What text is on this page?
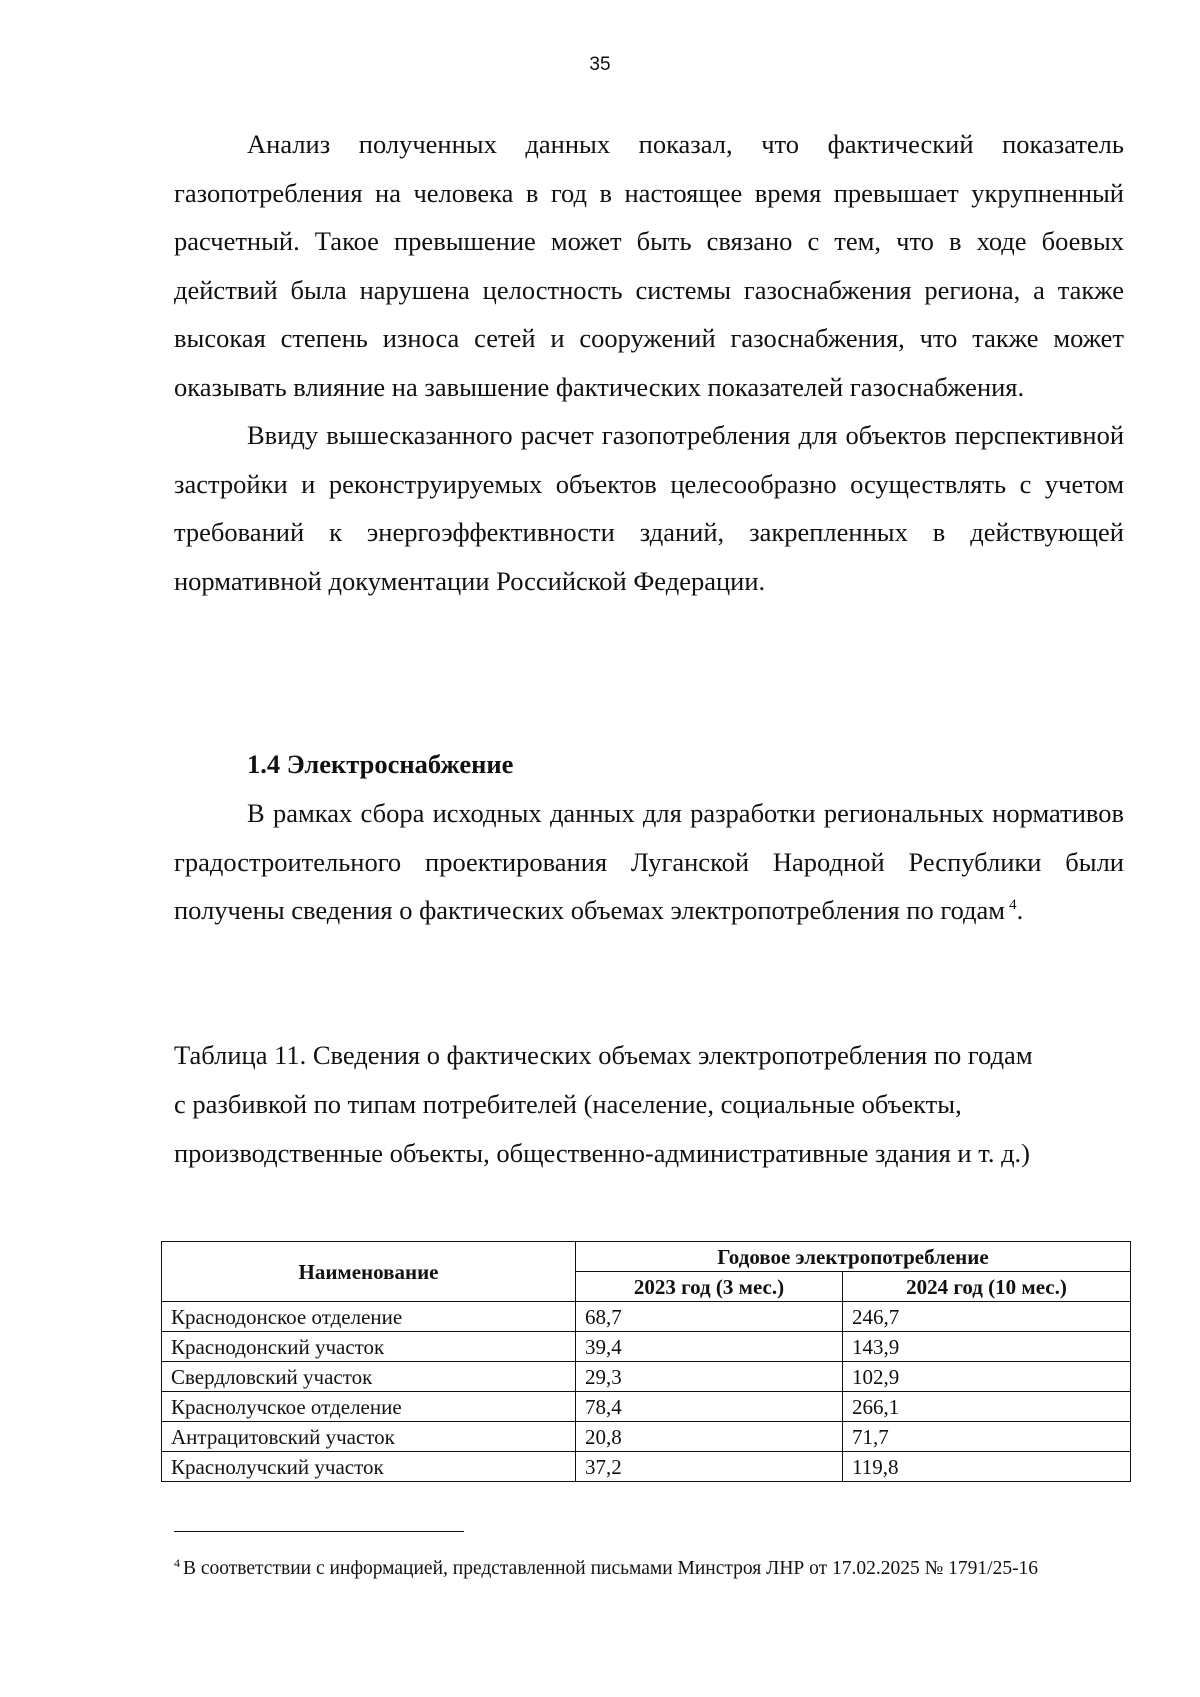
35

Анализ полученных данных показал, что фактический показатель газопотребления на человека в год в настоящее время превышает укрупненный расчетный. Такое превышение может быть связано с тем, что в ходе боевых действий была нарушена целостность системы газоснабжения региона, а также высокая степень износа сетей и сооружений газоснабжения, что также может оказывать влияние на завышение фактических показателей газоснабжения.

Ввиду вышесказанного расчет газопотребления для объектов перспективной застройки и реконструируемых объектов целесообразно осуществлять с учетом требований к энергоэффективности зданий, закрепленных в действующей нормативной документации Российской Федерации.

1.4 Электроснабжение

В рамках сбора исходных данных для разработки региональных нормативов градостроительного проектирования Луганской Народной Республики были получены сведения о фактических объемах электропотребления по годам $^4$.

Таблица 11. Сведения о фактических объемах электропотребления по годам
с разбивкой по типам потребителей (население, социальные объекты,
производственные объекты, общественно-административные здания и т. д.)
Наименование	Годовое электропотребление	
	2023 год (3 мес.)	2024 год (10 мес.)
Краснодонское отделение	68,7	246,7
Краснодонский участок	39,4	143,9
Свердловский участок	29,3	102,9
Краснолучское отделение	78,4	266,1
Антрацитовский участок	20,8	71,7
Краснолучский участок	37,2	119,8
$^4$ В соответствии с информацией, представленной письмами Минстроя ЛНР от 17.02.2025 № 1791/25-16
